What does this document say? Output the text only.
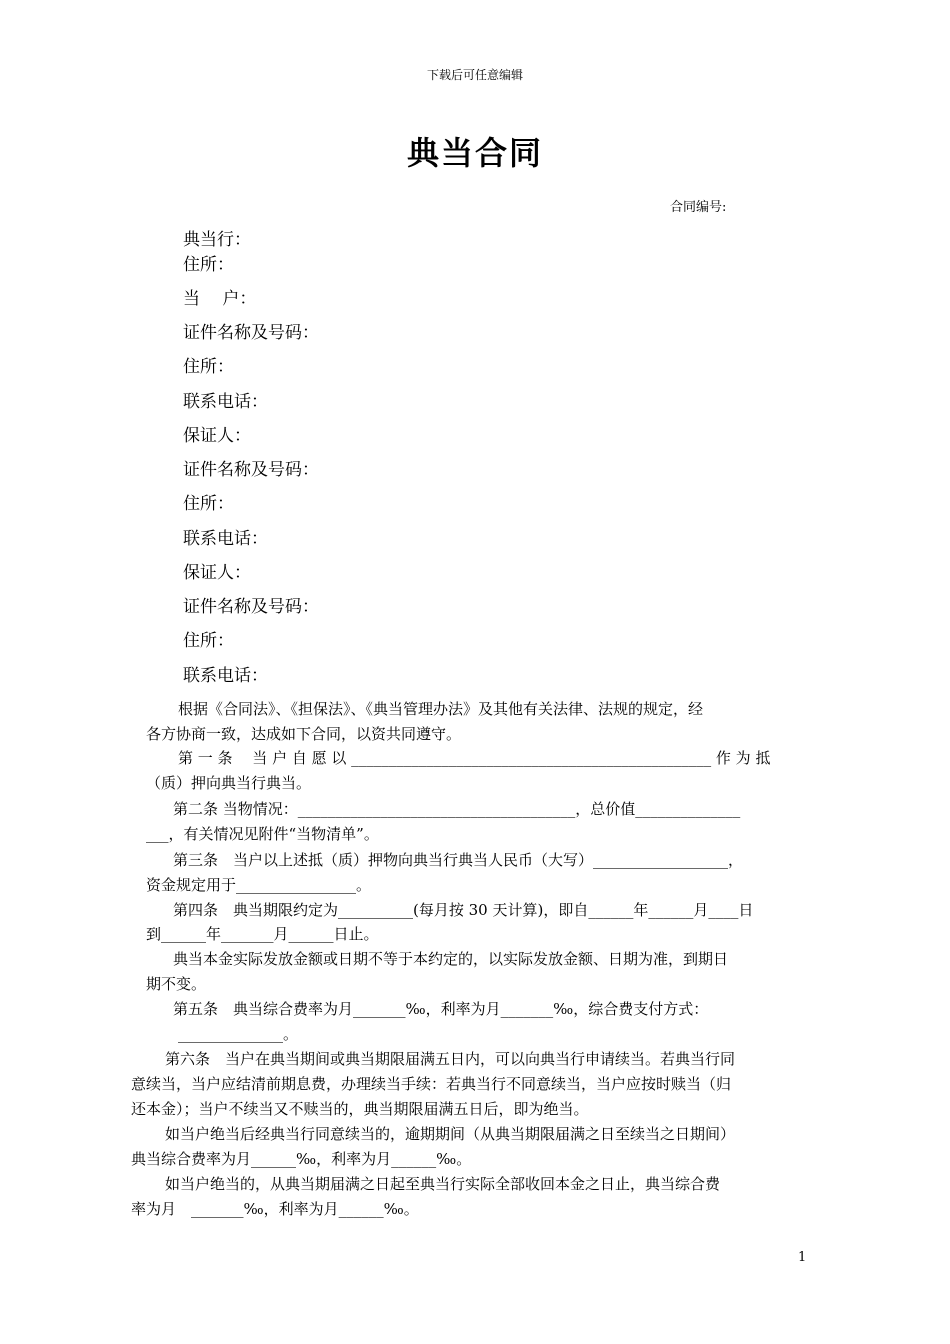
下载后可任意编辑
典当合同
合同编号:
典当行：
住所：
当　 户：
证件名称及号码：
住所：
联系电话：
保证人：
证件名称及号码：
住所：
联系电话：
保证人：
证件名称及号码：
住所：
联系电话：
根据《合同法》、《担保法》、《典当管理办法》及其他有关法律、法规的规定，经
各方协商一致，达成如下合同，以资共同遵守。
第 一 条　 当 户 自 愿 以 ________________________________________________ 作 为 抵
（质）押向典当行典当。
第二条 当物情况：_____________________________________，总价值______________
___，有关情况见附件“当物清单”。
第三条　当户以上述抵（质）押物向典当行典当人民币（大写）__________________，
资金规定用于________________。
第四条　典当期限约定为__________(每月按 30 天计算)，即自______年______月____日
到______年_______月______日止。
典当本金实际发放金额或日期不等于本约定的，以实际发放金额、日期为准，到期日
期不变。
第五条　典当综合费率为月_______‰，利率为月_______‰，综合费支付方式：
______________。
第六条　当户在典当期间或典当期限届满五日内，可以向典当行申请续当。若典当行同
意续当，当户应结清前期息费，办理续当手续：若典当行不同意续当，当户应按时赎当（归
还本金）；当户不续当又不赎当的，典当期限届满五日后，即为绝当。
如当户绝当后经典当行同意续当的，逾期期间（从典当期限届满之日至续当之日期间）
典当综合费率为月______‰，利率为月______‰。
如当户绝当的，从典当期届满之日起至典当行实际全部收回本金之日止，典当综合费
率为月　_______‰，利率为月______‰。
1
